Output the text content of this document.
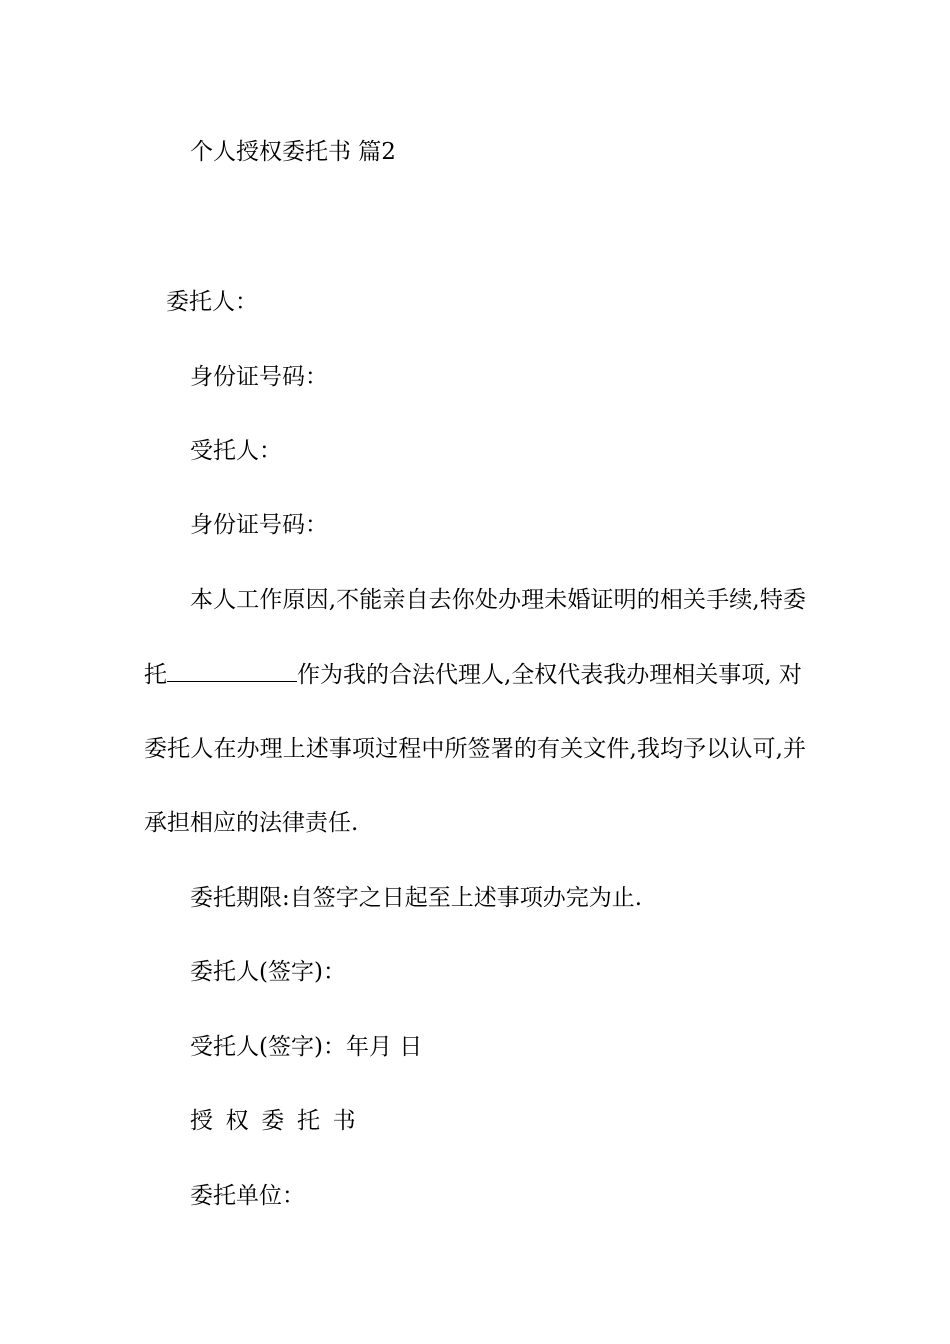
个人授权委托书 篇2

委托人：

身份证号码：

受托人：

身份证号码：

本人工作原因,不能亲自去你处办理未婚证明的相关手续,特委

托	作为我的合法代理人,全权代表我办理相关事项, 对

委托人在办理上述事项过程中所签署的有关文件,我均予以认可,并

承担相应的法律责任.

委托期限:自签字之日起至上述事项办完为止.

委托人(签字)：

受托人(签字)：年月 日

授权委托书

委托单位：
